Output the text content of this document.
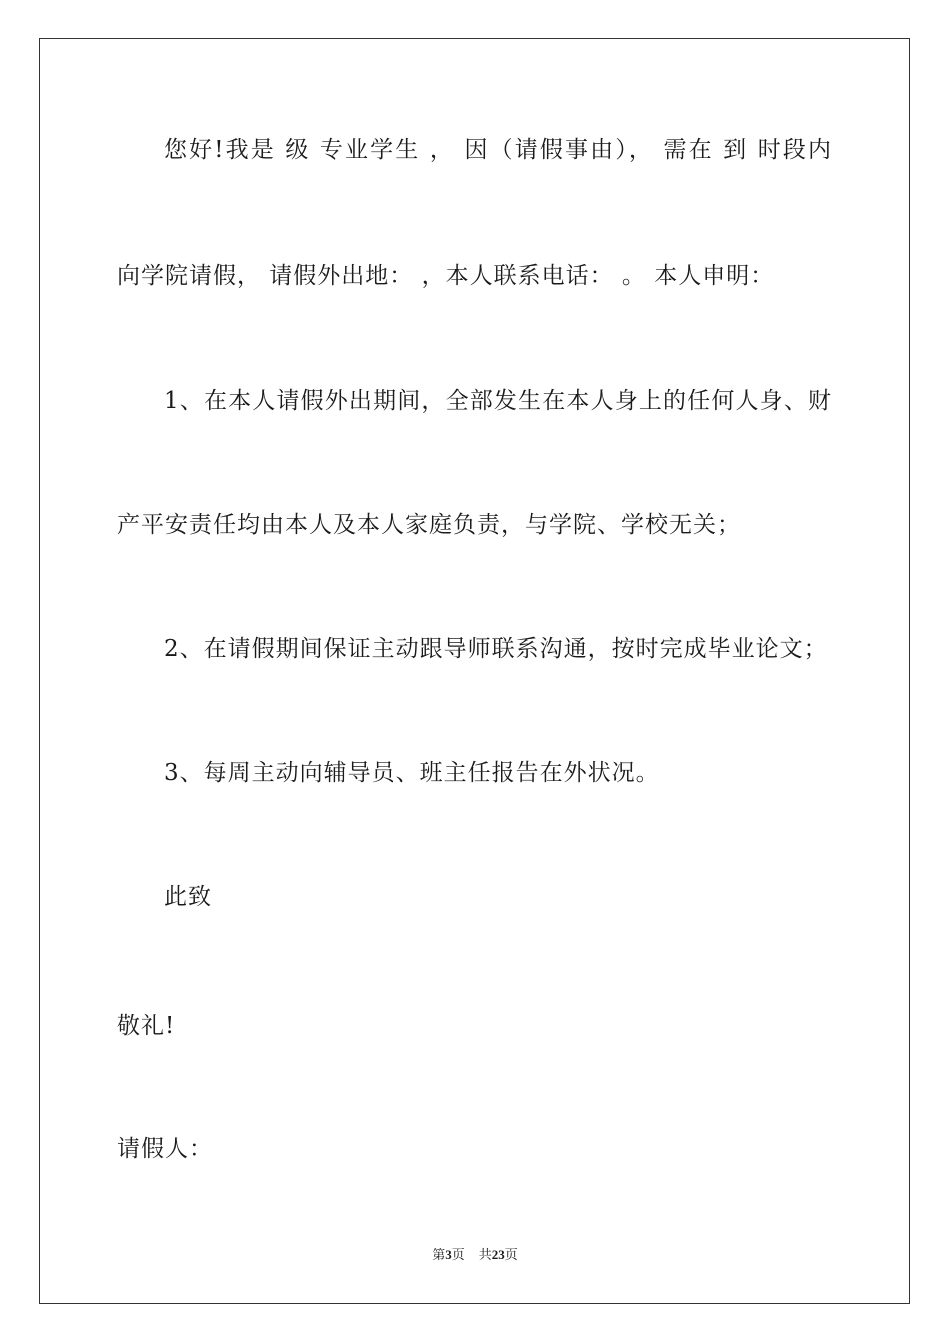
您好!我是 级 专业学生 ， 因（请假事由）， 需在 到 时段内
向学院请假， 请假外出地： ，本人联系电话： 。 本人申明：
1、在本人请假外出期间，全部发生在本人身上的任何人身、财
产平安责任均由本人及本人家庭负责，与学院、学校无关；
2、在请假期间保证主动跟导师联系沟通，按时完成毕业论文；
3、每周主动向辅导员、班主任报告在外状况。
此致
敬礼!
请假人：
第3页 共23页
